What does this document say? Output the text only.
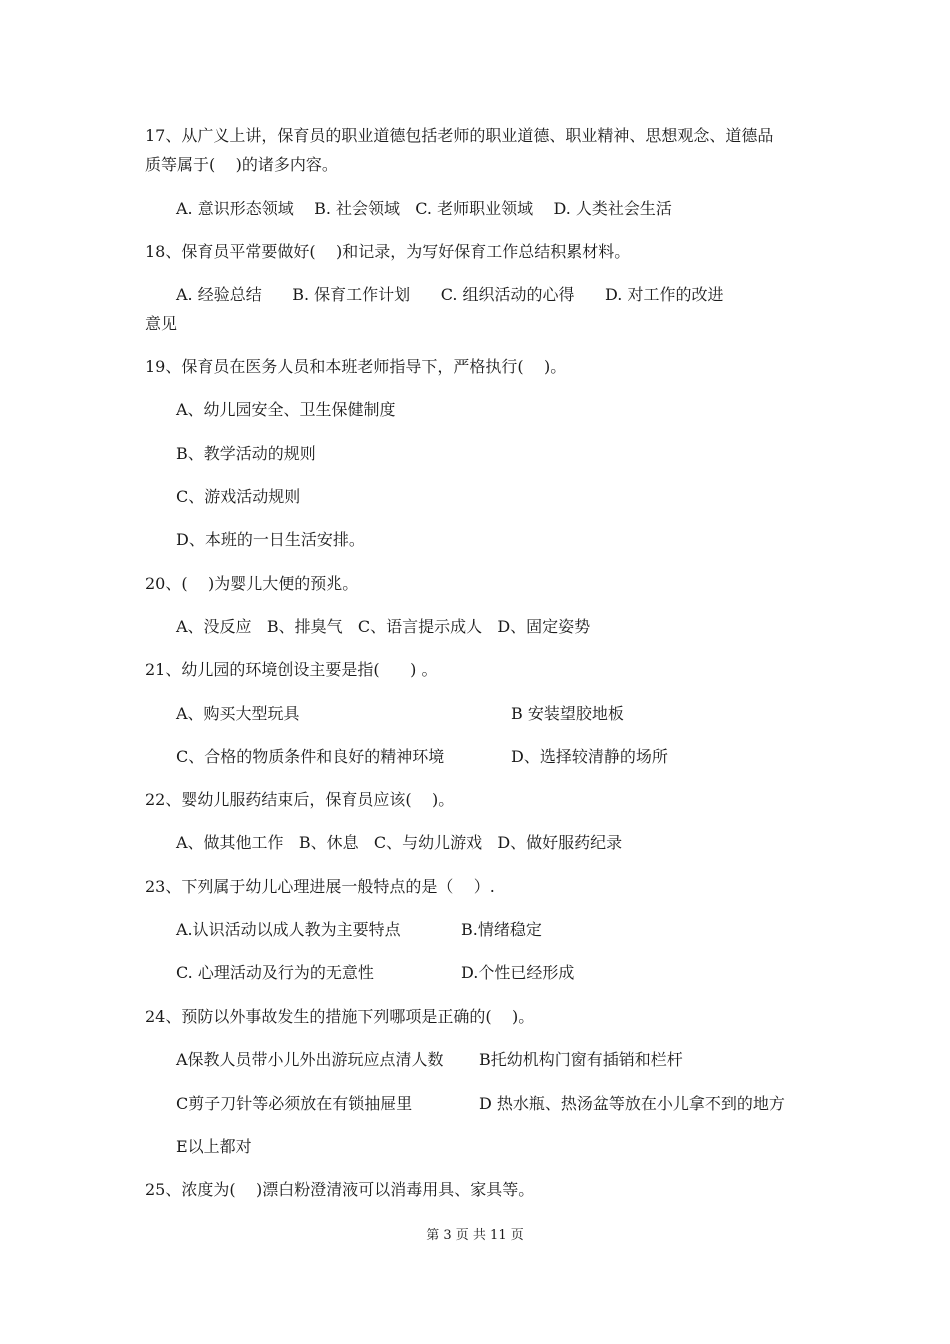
17、从广义上讲，保育员的职业道德包括老师的职业道德、职业精神、思想观念、道德品
质等属于(    )的诸多内容。
A. 意识形态领域    B. 社会领域   C. 老师职业领域    D. 人类社会生活
18、保育员平常要做好(    )和记录，为写好保育工作总结积累材料。
A. 经验总结      B. 保育工作计划      C. 组织活动的心得      D. 对工作的改进
意见
19、保育员在医务人员和本班老师指导下，严格执行(    )。
A、幼儿园安全、卫生保健制度
B、教学活动的规则
C、游戏活动规则
D、本班的一日生活安排。
20、(    )为婴儿大便的预兆。
A、没反应   B、排臭气   C、语言提示成人   D、固定姿势
21、幼儿园的环境创设主要是指(      ) 。
A、购买大型玩具	B 安装望胶地板
C、合格的物质条件和良好的精神环境	D、选择较清静的场所
22、婴幼儿服药结束后，保育员应该(    )。
A、做其他工作   B、休息   C、与幼儿游戏   D、做好服药纪录
23、下列属于幼儿心理进展一般特点的是（    ）.
A.认识活动以成人教为主要特点	B.情绪稳定
C. 心理活动及行为的无意性	D.个性已经形成
24、预防以外事故发生的措施下列哪项是正确的(    )。
A保教人员带小儿外出游玩应点清人数 B托幼机构门窗有插销和栏杆
C剪子刀针等必须放在有锁抽屉里	D 热水瓶、热汤盆等放在小儿拿不到的地方
E以上都对
25、浓度为(    )漂白粉澄清液可以消毒用具、家具等。
第 3 页 共 11 页
